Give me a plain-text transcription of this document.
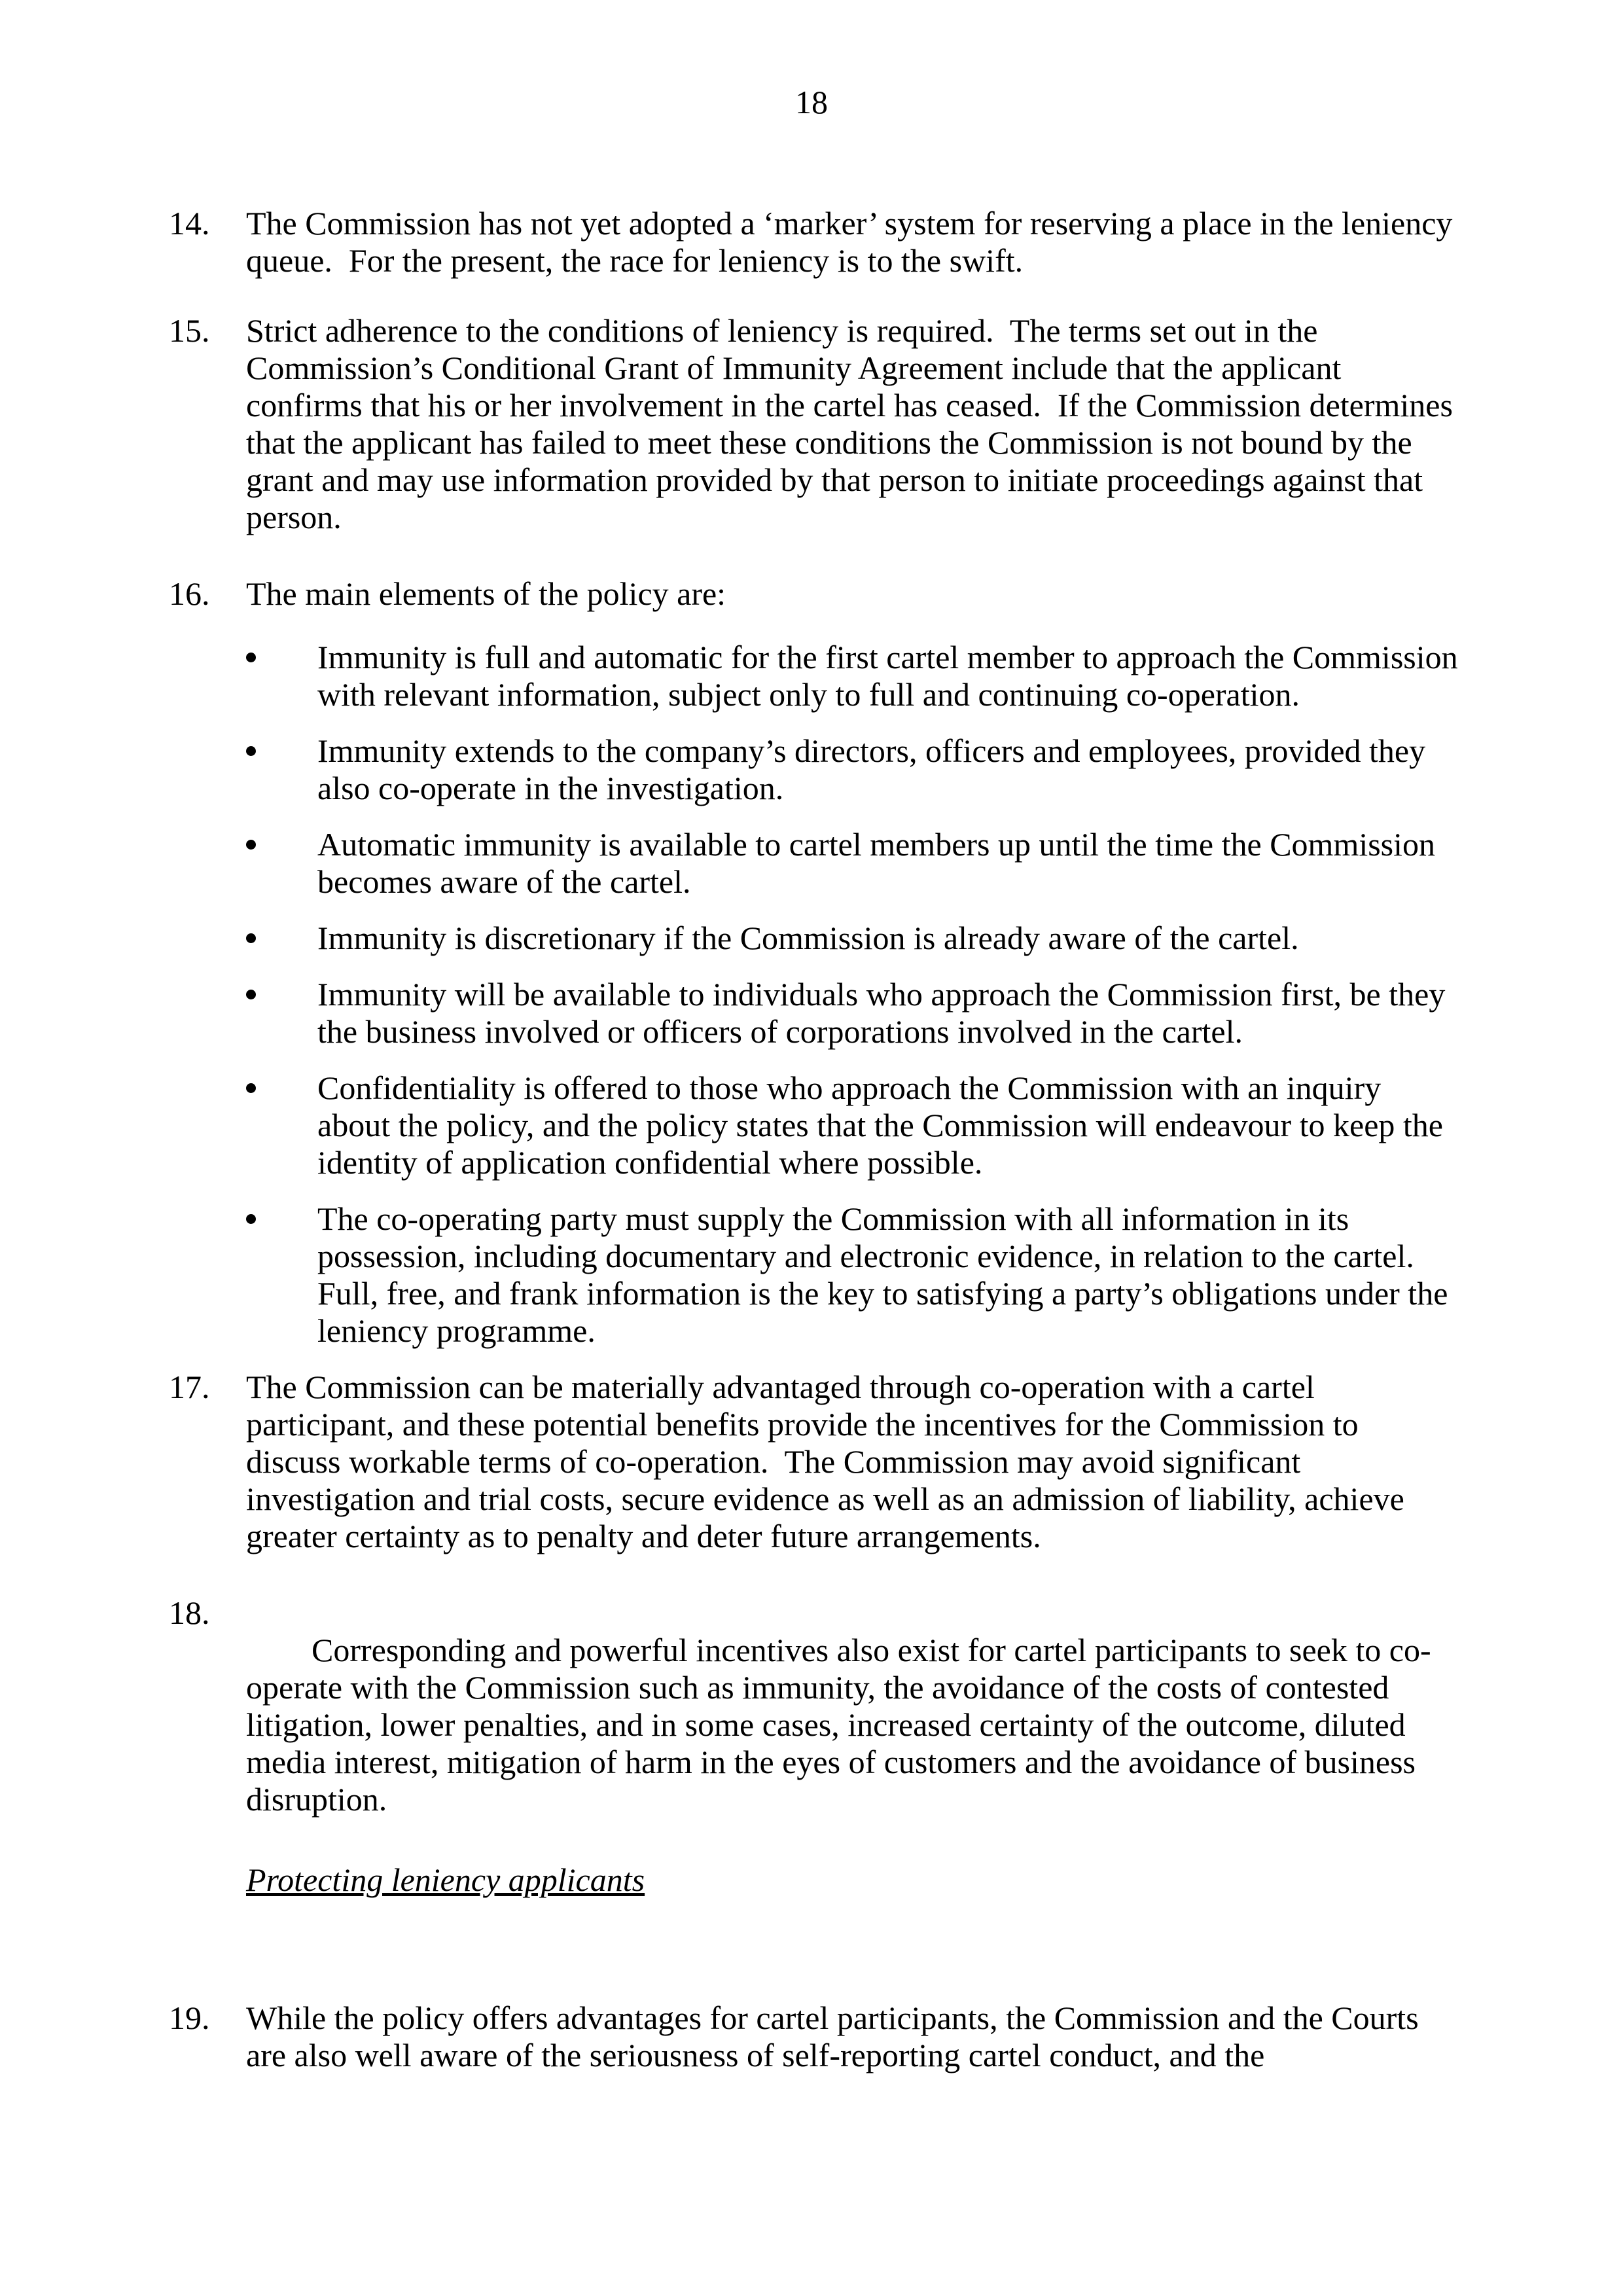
18
14.	The Commission has not yet adopted a ‘marker’ system for reserving a place in the leniency queue.  For the present, the race for leniency is to the swift.
15.	Strict adherence to the conditions of leniency is required.  The terms set out in the Commission’s Conditional Grant of Immunity Agreement include that the applicant confirms that his or her involvement in the cartel has ceased.  If the Commission determines that the applicant has failed to meet these conditions the Commission is not bound by the grant and may use information provided by that person to initiate proceedings against that person.
16.	The main elements of the policy are:
Immunity is full and automatic for the first cartel member to approach the Commission with relevant information, subject only to full and continuing co-operation.
Immunity extends to the company’s directors, officers and employees, provided they also co-operate in the investigation.
Automatic immunity is available to cartel members up until the time the Commission becomes aware of the cartel.
Immunity is discretionary if the Commission is already aware of the cartel.
Immunity will be available to individuals who approach the Commission first, be they the business involved or officers of corporations involved in the cartel.
Confidentiality is offered to those who approach the Commission with an inquiry about the policy, and the policy states that the Commission will endeavour to keep the identity of application confidential where possible.
The co-operating party must supply the Commission with all information in its possession, including documentary and electronic evidence, in relation to the cartel.  Full, free, and frank information is the key to satisfying a party’s obligations under the leniency programme.
17.	The Commission can be materially advantaged through co-operation with a cartel participant, and these potential benefits provide the incentives for the Commission to discuss workable terms of co-operation.  The Commission may avoid significant investigation and trial costs, secure evidence as well as an admission of liability, achieve greater certainty as to penalty and deter future arrangements.
18.

Corresponding and powerful incentives also exist for cartel participants to seek to co-operate with the Commission such as immunity, the avoidance of the costs of contested litigation, lower penalties, and in some cases, increased certainty of the outcome, diluted media interest, mitigation of harm in the eyes of customers and the avoidance of business disruption.

Protecting leniency applicants

19.	While the policy offers advantages for cartel participants, the Commission and the Courts are also well aware of the seriousness of self-reporting cartel conduct, and the
